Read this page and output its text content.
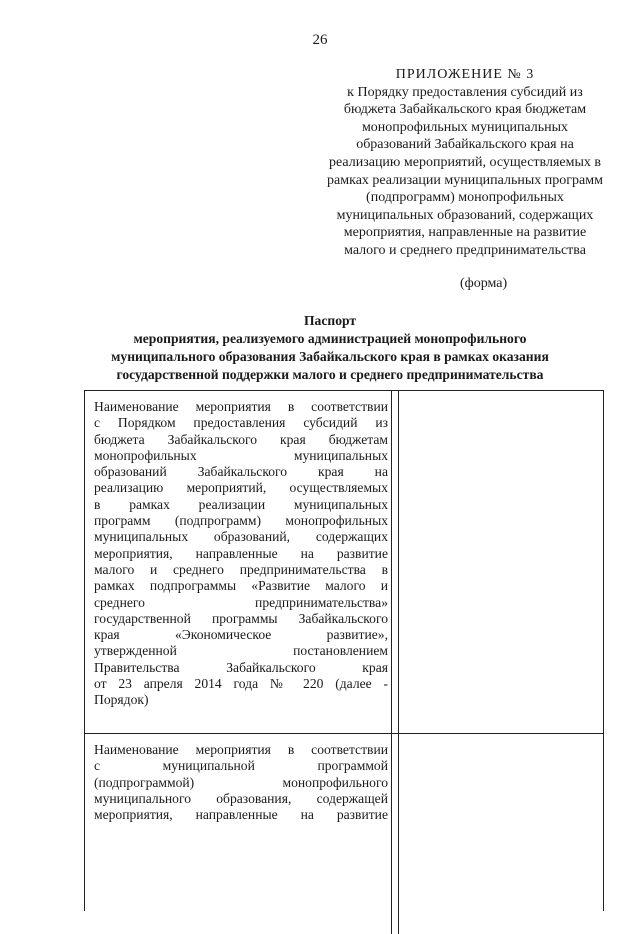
26
ПРИЛОЖЕНИЕ № 3
к Порядку предоставления субсидий из
бюджета Забайкальского края бюджетам
монопрофильных муниципальных
образований Забайкальского края на
реализацию мероприятий, осуществляемых в
рамках реализации муниципальных программ
(подпрограмм) монопрофильных
муниципальных образований, содержащих
мероприятия, направленные на развитие
малого и среднего предпринимательства
(форма)
Паспорт
мероприятия, реализуемого администрацией монопрофильного
муниципального образования Забайкальского края в рамках оказания
государственной поддержки малого и среднего предпринимательства
Наименование мероприятия в соответствии
с Порядком предоставления субсидий из
бюджета Забайкальского края бюджетам
монопрофильных муниципальных
образований Забайкальского края на
реализацию мероприятий, осуществляемых
в рамках реализации муниципальных
программ (подпрограмм) монопрофильных
муниципальных образований, содержащих
мероприятия, направленные на развитие
малого и среднего предпринимательства в
рамках подпрограммы «Развитие малого и
среднего предпринимательства»
государственной программы Забайкальского
края «Экономическое развитие»,
утвержденной постановлением
Правительства Забайкальского края
от 23 апреля 2014 года № 220 (далее -
Порядок)
Наименование мероприятия в соответствии
с муниципальной программой
(подпрограммой) монопрофильного
муниципального образования, содержащей
мероприятия, направленные на развитие
